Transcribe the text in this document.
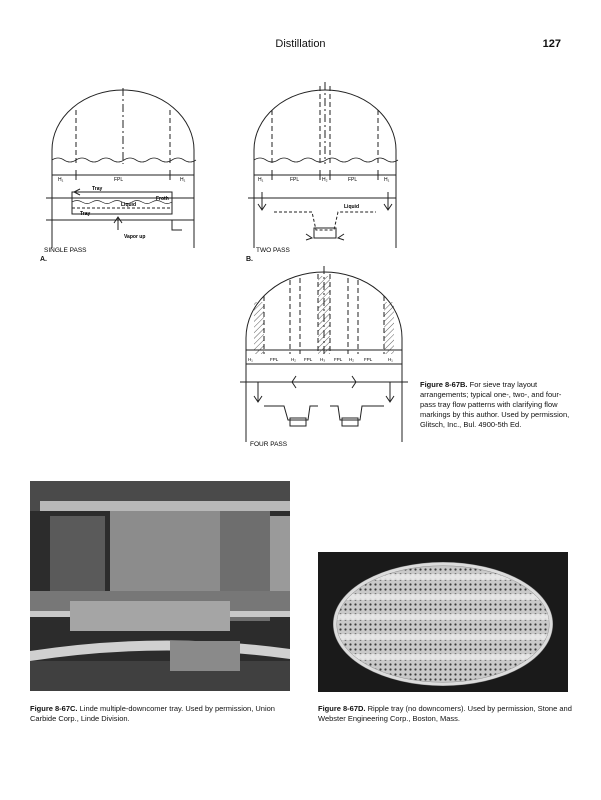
Distillation	127
H₁	FPL	H₁
Tray
Froth
Liquid
Tray
Vapor up
SINGLE PASS
A.
H₁	FPL	H₂	FPL	H₁
Liquid
TWO PASS
B.
H₁	FPL	H₂ FPL H₃ FPL H₂ FPL	H₁
FOUR PASS
Figure 8-67B. For sieve tray layout arrangements; typical one-, two-, and four-pass tray flow patterns with clarifying flow markings by this author. Used by permission, Glitsch, Inc., Bul. 4900-5th Ed.
Figure 8-67C. Linde multiple-downcomer tray. Used by permission, Union Carbide Corp., Linde Division.
Figure 8-67D. Ripple tray (no downcomers). Used by permission, Stone and Webster Engineering Corp., Boston, Mass.
